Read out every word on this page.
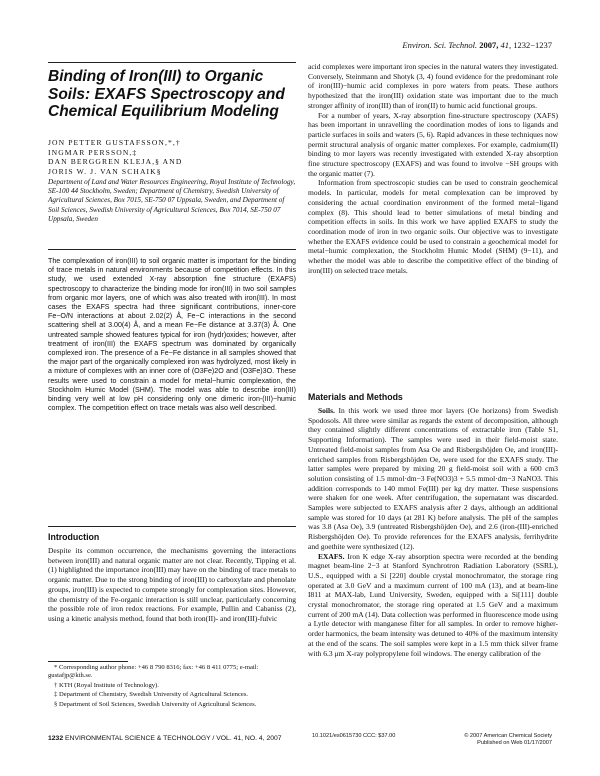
Environ. Sci. Technol. 2007, 41, 1232−1237
Binding of Iron(III) to Organic Soils: EXAFS Spectroscopy and Chemical Equilibrium Modeling
JON PETTER GUSTAFSSON,*,†
INGMAR PERSSON,‡
DAN BERGGREN KLEJA,§ AND
JORIS W. J. VAN SCHAIK§
Department of Land and Water Resources Engineering, Royal Institute of Technology, SE-100 44 Stockholm, Sweden; Department of Chemistry, Swedish University of Agricultural Sciences, Box 7015, SE-750 07 Uppsala, Sweden, and Department of Soil Sciences, Swedish University of Agricultural Sciences, Box 7014, SE-750 07 Uppsala, Sweden
The complexation of iron(III) to soil organic matter is important for the binding of trace metals in natural environments because of competition effects. In this study, we used extended X-ray absorption fine structure (EXAFS) spectroscopy to characterize the binding mode for iron(III) in two soil samples from organic mor layers, one of which was also treated with iron(III). In most cases the EXAFS spectra had three significant contributions, inner-core Fe−O/N interactions at about 2.02(2) Å, Fe−C interactions in the second scattering shell at 3.00(4) Å, and a mean Fe−Fe distance at 3.37(3) Å. One untreated sample showed features typical for iron (hydr)oxides; however, after treatment of iron(III) the EXAFS spectrum was dominated by organically complexed iron. The presence of a Fe−Fe distance in all samples showed that the major part of the organically complexed iron was hydrolyzed, most likely in a mixture of complexes with an inner core of (O3Fe)2O and (O3Fe)3O. These results were used to constrain a model for metal−humic complexation, the Stockholm Humic Model (SHM). The model was able to describe iron(III) binding very well at low pH considering only one dimeric iron-(III)−humic complex. The competition effect on trace metals was also well described.
Introduction

Despite its common occurrence, the mechanisms governing the interactions between iron(III) and natural organic matter are not clear. Recently, Tipping et al. (1) highlighted the importance iron(III) may have on the binding of trace metals to organic matter. Due to the strong binding of iron(III) to carboxylate and phenolate groups, iron(III) is expected to compete strongly for complexation sites. However, the chemistry of the Fe-organic interaction is still unclear, particularly concerning the possible role of iron redox reactions. For example, Pullin and Cabaniss (2), using a kinetic analysis method, found that both iron(II)- and iron(III)-fulvic

* Corresponding author phone: +46 8 790 8316; fax: +46 8 411 0775; e-mail: gustafjp@kth.se.

† KTH (Royal Institute of Technology).

‡ Department of Chemistry, Swedish University of Agricultural Sciences.

§ Department of Soil Sciences, Swedish University of Agricultural Sciences.

acid complexes were important iron species in the natural waters they investigated. Conversely, Steinmann and Shotyk (3, 4) found evidence for the predominant role of iron(III)−humic acid complexes in pore waters from peats. These authors hypothesized that the iron(III) oxidation state was important due to the much stronger affinity of iron(III) than of iron(II) to humic acid functional groups.

For a number of years, X-ray absorption fine-structure spectroscopy (XAFS) has been important in unravelling the coordination modes of ions to ligands and particle surfaces in soils and waters (5, 6). Rapid advances in these techniques now permit structural analysis of organic matter complexes. For example, cadmium(II) binding to mor layers was recently investigated with extended X-ray absorption fine structure spectroscopy (EXAFS) and was found to involve −SH groups with the organic matter (7).

Information from spectroscopic studies can be used to constrain geochemical models. In particular, models for metal complexation can be improved by considering the actual coordination environment of the formed metal−ligand complex (8). This should lead to better simulations of metal binding and competition effects in soils. In this work we have applied EXAFS to study the coordination mode of iron in two organic soils. Our objective was to investigate whether the EXAFS evidence could be used to constrain a geochemical model for metal−humic complexation, the Stockholm Humic Model (SHM) (9−11), and whether the model was able to describe the competitive effect of the binding of iron(III) on selected trace metals.

Materials and Methods

Soils. In this work we used three mor layers (Oe horizons) from Swedish Spodosols. All three were similar as regards the extent of decomposition, although they contained slightly different concentrations of extractable iron (Table S1, Supporting Information). The samples were used in their field-moist state. Untreated field-moist samples from Asa Oe and Risbergshöjden Oe, and iron(III)-enriched samples from Risbergshöjden Oe, were used for the EXAFS study. The latter samples were prepared by mixing 20 g field-moist soil with a 600 cm3 solution consisting of 1.5 mmol·dm−3 Fe(NO3)3 + 5.5 mmol·dm−3 NaNO3. This addition corresponds to 140 mmol Fe(III) per kg dry matter. These suspensions were shaken for one week. After centrifugation, the supernatant was discarded. Samples were subjected to EXAFS analysis after 2 days, although an additional sample was stored for 10 days (at 281 K) before analysis. The pH of the samples was 3.8 (Asa Oe), 3.9 (untreated Risbergshöjden Oe), and 2.6 (iron-(III)-enriched Risbergshöjden Oe). To provide references for the EXAFS analysis, ferrihydrite and goethite were synthesized (12).

EXAFS. Iron K edge X-ray absorption spectra were recorded at the bending magnet beam-line 2−3 at Stanford Synchrotron Radiation Laboratory (SSRL), U.S., equipped with a Si [220] double crystal monochromator, the storage ring operated at 3.0 GeV and a maximum current of 100 mA (13), and at beam-line I811 at MAX-lab, Lund University, Sweden, equipped with a Si[111] double crystal monochromator, the storage ring operated at 1.5 GeV and a maximum current of 200 mA (14). Data collection was performed in fluorescence mode using a Lytle detector with manganese filter for all samples. In order to remove higher-order harmonics, the beam intensity was detuned to 40% of the maximum intensity at the end of the scans. The soil samples were kept in a 1.5 mm thick silver frame with 6.3 μm X-ray polypropylene foil windows. The energy calibration of the

1232 ENVIRONMENTAL SCIENCE & TECHNOLOGY / VOL. 41, NO. 4, 2007	10.1021/es0615730 CCC: $37.00	© 2007 American Chemical Society
Published on Web 01/17/2007
